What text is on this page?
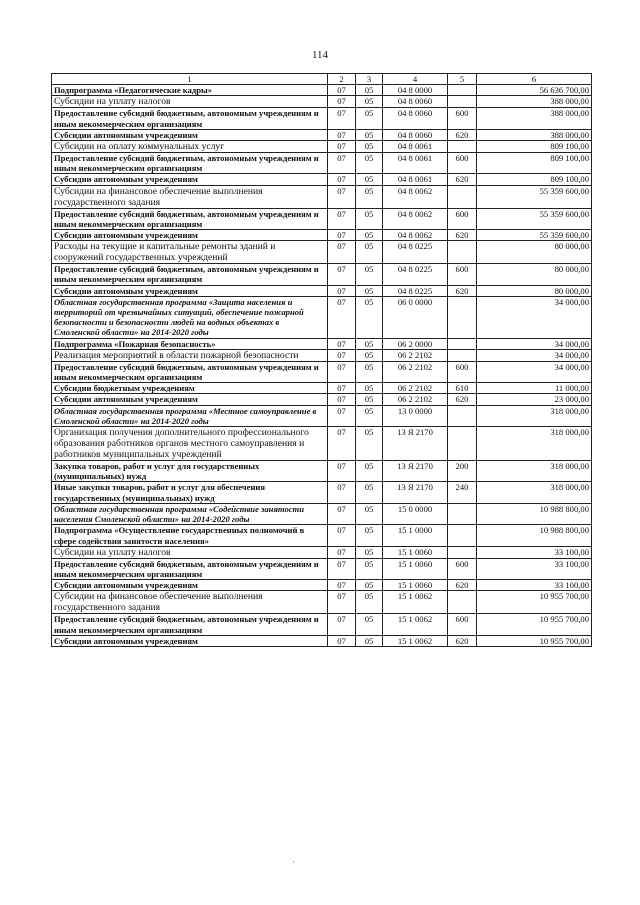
114
1	2	3	4	5	6
Подпрограмма «Педагогические кадры»	07	05	04 8 0000		56 636 700,00
Субсидии на уплату налогов	07	05	04 8 0060		388 000,00
Предоставление субсидий бюджетным, автономным учреждениям и иным некоммерческим организациям	07	05	04 8 0060	600	388 000,00
Субсидии автономным учреждениям	07	05	04 8 0060	620	388 000,00
Субсидии на оплату коммунальных услуг	07	05	04 8 0061		809 100,00
Предоставление субсидий бюджетным, автономным учреждениям и иным некоммерческим организациям	07	05	04 8 0061	600	809 100,00
Субсидии автономным учреждениям	07	05	04 8 0061	620	809 100,00
Субсидии на финансовое обеспечение выполнения государственного задания	07	05	04 8 0062		55 359 600,00
Предоставление субсидий бюджетным, автономным учреждениям и иным некоммерческим организациям	07	05	04 8 0062	600	55 359 600,00
Субсидии автономным учреждениям	07	05	04 8 0062	620	55 359 600,00
Расходы на текущие и капитальные ремонты зданий и сооружений государственных учреждений	07	05	04 8 0225		80 000,00
Предоставление субсидий бюджетным, автономным учреждениям и иным некоммерческим организациям	07	05	04 8 0225	600	80 000,00
Субсидии автономным учреждениям	07	05	04 8 0225	620	80 000,00
Областная государственная программа «Защита населения и территорий от чрезвычайных ситуаций, обеспечение пожарной безопасности и безопасности людей на водных объектах в Смоленской области» на 2014-2020 годы	07	05	06 0 0000		34 000,00
Подпрограмма «Пожарная безопасность»	07	05	06 2 0000		34 000,00
Реализация мероприятий в области пожарной безопасности	07	05	06 2 2102		34 000,00
Предоставление субсидий бюджетным, автономным учреждениям и иным некоммерческим организациям	07	05	06 2 2102	600	34 000,00
Субсидии бюджетным учреждениям	07	05	06 2 2102	610	11 000,00
Субсидии автономным учреждениям	07	05	06 2 2102	620	23 000,00
Областная государственная программа «Местное самоуправление в Смоленской области» на 2014-2020 годы	07	05	13 0 0000		318 000,00
Организация получения дополнительного профессионального образования работников органов местного самоуправления и работников муниципальных учреждений	07	05	13 Я 2170		318 000,00
Закупка товаров, работ и услуг для государственных (муниципальных) нужд	07	05	13 Я 2170	200	318 000,00
Иные закупки товаров, работ и услуг для обеспечения государственных (муниципальных) нужд	07	05	13 Я 2170	240	318 000,00
Областная государственная программа «Содействие занятости населения Смоленской области» на 2014-2020 годы	07	05	15 0 0000		10 988 800,00
Подпрограмма «Осуществление государственных полномочий в сфере содействия занятости населения»	07	05	15 1 0000		10 988 800,00
Субсидии на уплату налогов	07	05	15 1 0060		33 100,00
Предоставление субсидий бюджетным, автономным учреждениям и иным некоммерческим организациям	07	05	15 1 0060	600	33 100,00
Субсидии автономным учреждениям	07	05	15 1 0060	620	33 100,00
Субсидии на финансовое обеспечение выполнения государственного задания	07	05	15 1 0062		10 955 700,00
Предоставление субсидий бюджетным, автономным учреждениям и иным некоммерческим организациям	07	05	15 1 0062	600	10 955 700,00
Субсидии автономным учреждениям	07	05	15 1 0062	620	10 955 700,00
·
